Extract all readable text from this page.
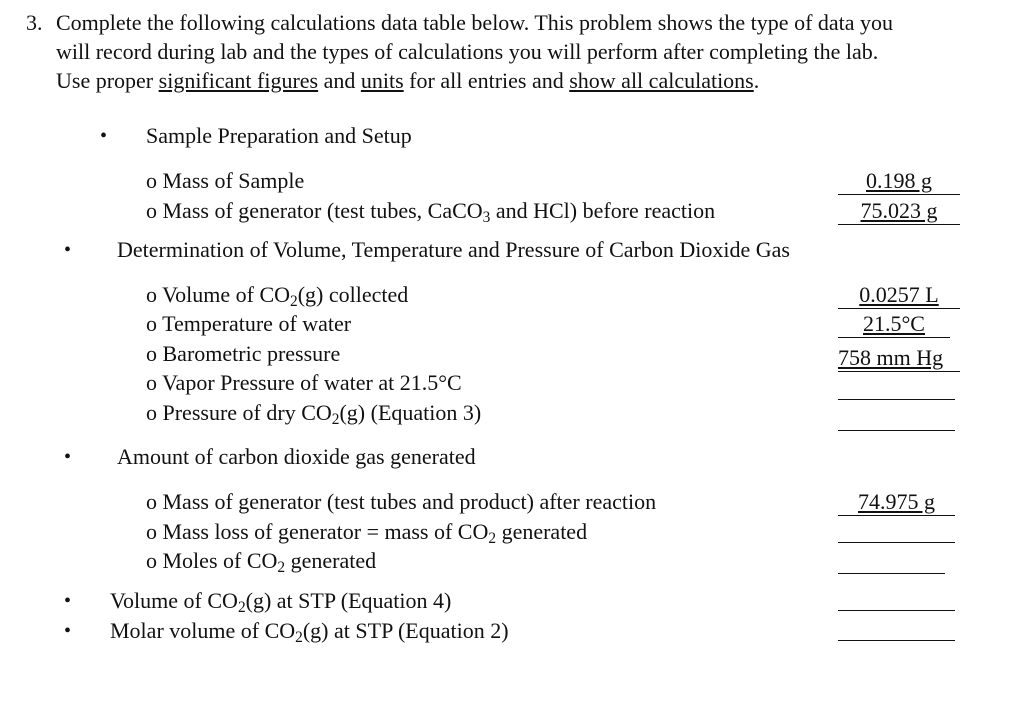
3. Complete the following calculations data table below. This problem shows the type of data you
will record during lab and the types of calculations you will perform after completing the lab.
Use proper significant figures and units for all entries and show all calculations.
• Sample Preparation and Setup
o Mass of Sample	0.198 g
o Mass of generator (test tubes, CaCO$_3$ and HCl) before reaction	75.023 g
• Determination of Volume, Temperature and Pressure of Carbon Dioxide Gas
o Volume of $CO_2(g)$ collected	0.0257 L
o Temperature of water	21.5°C
o Barometric pressure	758 mm Hg
o Vapor Pressure of water at 21.5°C
o Pressure of dry $CO_2(g)$ (Equation 3)
• Amount of carbon dioxide gas generated
o Mass of generator (test tubes and product) after reaction	74.975 g
o Mass loss of generator = mass of $CO_2$ generated
o Moles of $CO_2$ generated
• Volume of $CO_2(g)$ at STP (Equation 4)
• Molar volume of $CO_2(g)$ at STP (Equation 2)
